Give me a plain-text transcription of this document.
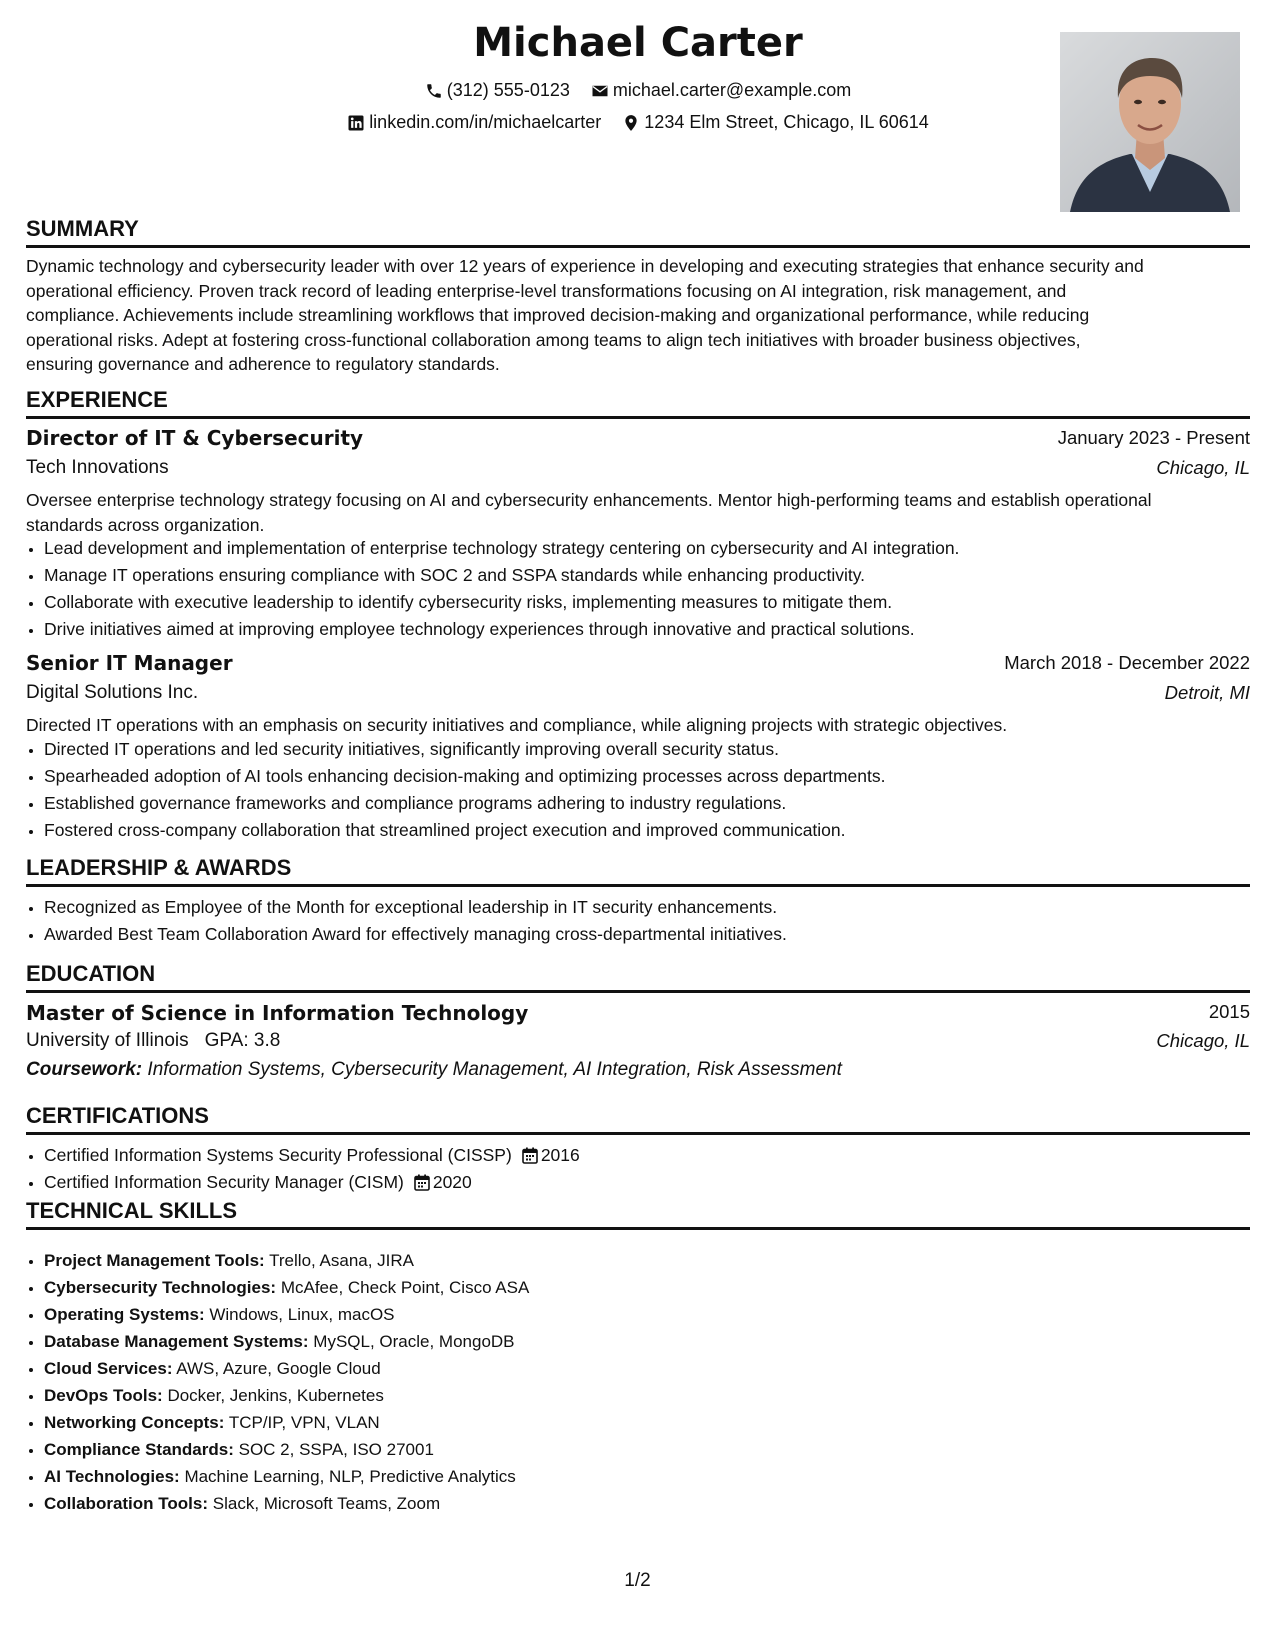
Michael Carter
(312) 555-0123
michael.carter@example.com
linkedin.com/in/michaelcarter
1234 Elm Street, Chicago, IL 60614
SUMMARY
Dynamic technology and cybersecurity leader with over 12 years of experience in developing and executing strategies that enhance security and
operational efficiency. Proven track record of leading enterprise-level transformations focusing on AI integration, risk management, and
compliance. Achievements include streamlining workflows that improved decision-making and organizational performance, while reducing
operational risks. Adept at fostering cross-functional collaboration among teams to align tech initiatives with broader business objectives,
ensuring governance and adherence to regulatory standards.
EXPERIENCE
Director of IT & Cybersecurity	January 2023 - Present
Tech Innovations	Chicago, IL
Oversee enterprise technology strategy focusing on AI and cybersecurity enhancements. Mentor high-performing teams and establish operational
standards across organization.
• Lead development and implementation of enterprise technology strategy centering on cybersecurity and AI integration.
• Manage IT operations ensuring compliance with SOC 2 and SSPA standards while enhancing productivity.
• Collaborate with executive leadership to identify cybersecurity risks, implementing measures to mitigate them.
• Drive initiatives aimed at improving employee technology experiences through innovative and practical solutions.
Senior IT Manager	March 2018 - December 2022
Digital Solutions Inc.	Detroit, MI
Directed IT operations with an emphasis on security initiatives and compliance, while aligning projects with strategic objectives.
• Directed IT operations and led security initiatives, significantly improving overall security status.
• Spearheaded adoption of AI tools enhancing decision-making and optimizing processes across departments.
• Established governance frameworks and compliance programs adhering to industry regulations.
• Fostered cross-company collaboration that streamlined project execution and improved communication.
LEADERSHIP & AWARDS
• Recognized as Employee of the Month for exceptional leadership in IT security enhancements.
• Awarded Best Team Collaboration Award for effectively managing cross-departmental initiatives.
EDUCATION
Master of Science in Information Technology	2015
University of Illinois GPA: 3.8	Chicago, IL
Coursework: Information Systems, Cybersecurity Management, AI Integration, Risk Assessment
CERTIFICATIONS
• Certified Information Systems Security Professional (CISSP) 2016
• Certified Information Security Manager (CISM) 2020
TECHNICAL SKILLS
• Project Management Tools: Trello, Asana, JIRA
• Cybersecurity Technologies: McAfee, Check Point, Cisco ASA
• Operating Systems: Windows, Linux, macOS
• Database Management Systems: MySQL, Oracle, MongoDB
• Cloud Services: AWS, Azure, Google Cloud
• DevOps Tools: Docker, Jenkins, Kubernetes
• Networking Concepts: TCP/IP, VPN, VLAN
• Compliance Standards: SOC 2, SSPA, ISO 27001
• AI Technologies: Machine Learning, NLP, Predictive Analytics
• Collaboration Tools: Slack, Microsoft Teams, Zoom
1/2
